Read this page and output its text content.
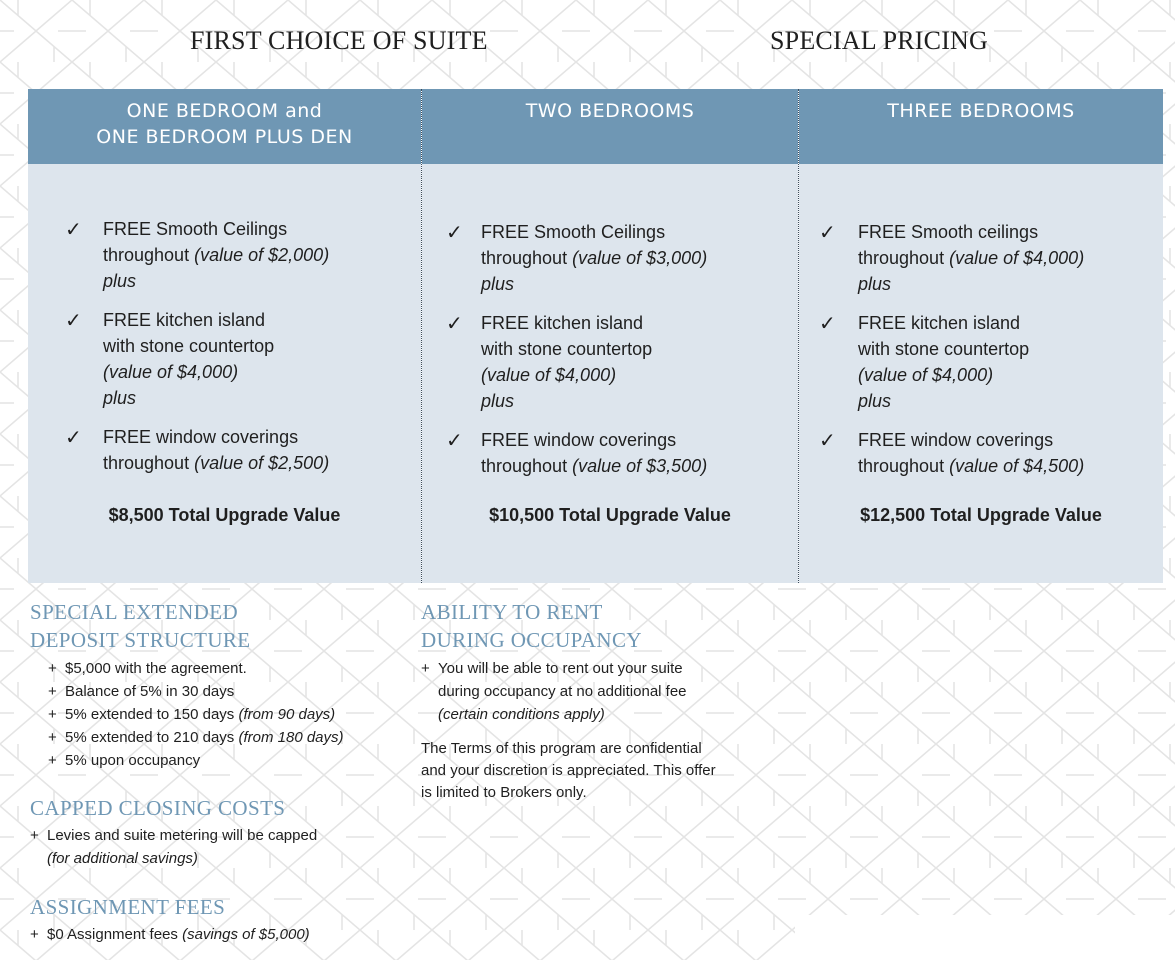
FIRST CHOICE OF SUITE	SPECIAL PRICING
ONE BEDROOM and
ONE BEDROOM PLUS DEN
✓ FREE Smooth Ceilings
throughout (value of $2,000)
plus
✓ FREE kitchen island
with stone countertop
(value of $4,000)
plus
✓ FREE window coverings
throughout (value of $2,500)
$8,500 Total Upgrade Value
TWO BEDROOMS
✓ FREE Smooth Ceilings
throughout (value of $3,000)
plus
✓ FREE kitchen island
with stone countertop
(value of $4,000)
plus
✓ FREE window coverings
throughout (value of $3,500)
$10,500 Total Upgrade Value
THREE BEDROOMS
✓ FREE Smooth ceilings
throughout (value of $4,000)
plus
✓ FREE kitchen island
with stone countertop
(value of $4,000)
plus
✓ FREE window coverings
throughout (value of $4,500)
$12,500 Total Upgrade Value
SPECIAL EXTENDED
DEPOSIT STRUCTURE
+ $5,000 with the agreement.
+ Balance of 5% in 30 days
+ 5% extended to 150 days (from 90 days)
+ 5% extended to 210 days (from 180 days)
+ 5% upon occupancy
CAPPED CLOSING COSTS
+ Levies and suite metering will be capped
(for additional savings)
ASSIGNMENT FEES
+ $0 Assignment fees (savings of $5,000)
ABILITY TO RENT
DURING OCCUPANCY
+ You will be able to rent out your suite
during occupancy at no additional fee
(certain conditions apply)
The Terms of this program are confidential
and your discretion is appreciated. This offer
is limited to Brokers only.
